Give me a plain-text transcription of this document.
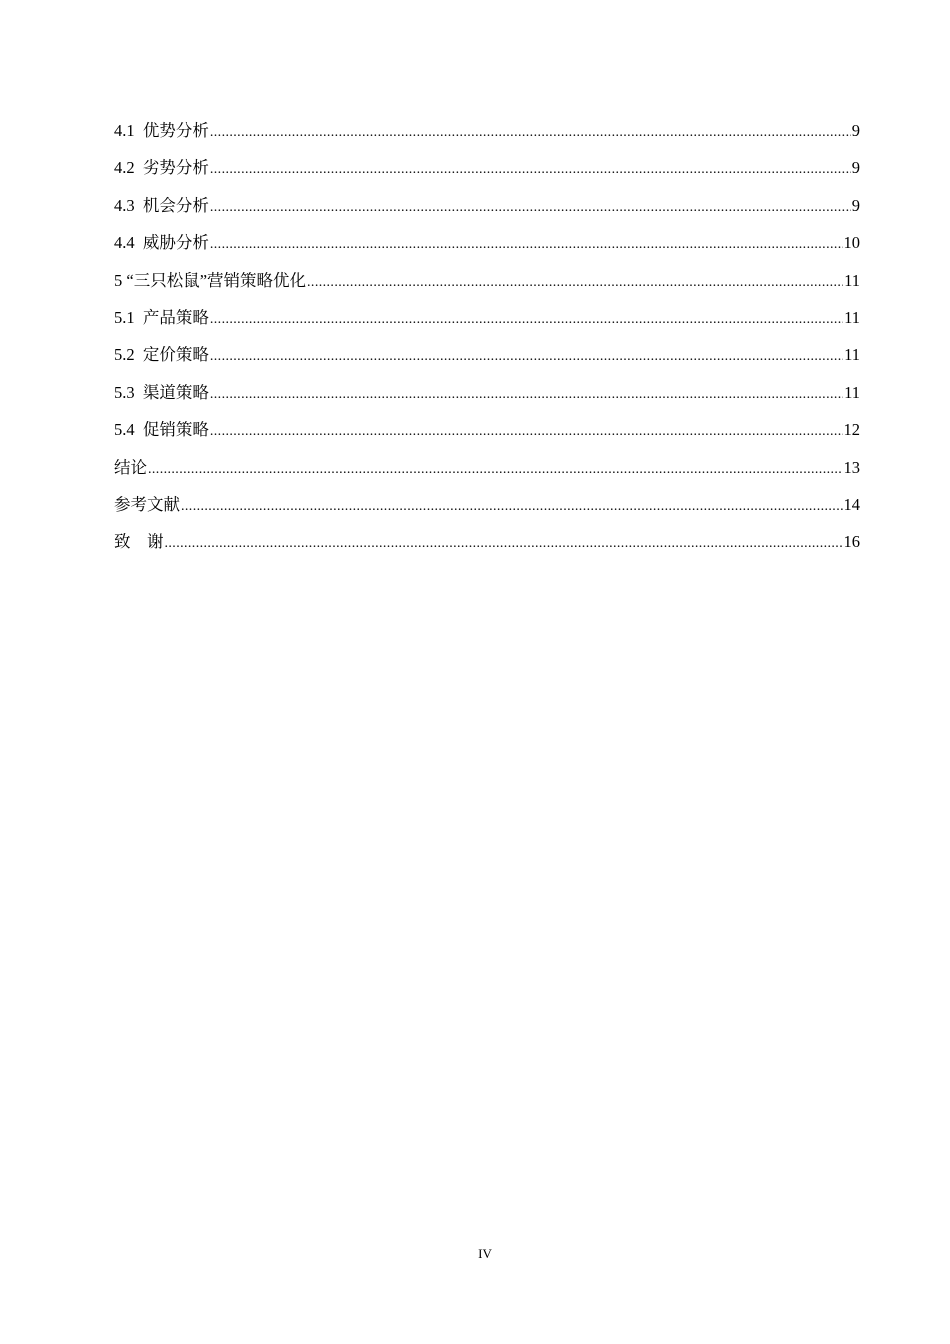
4.1  优势分析 .....	9
4.2  劣势分析 .....	9
4.3  机会分析 .....	9
4.4  威胁分析 .....	10
5 “三只松鼠”营销策略优化 .....	11
5.1  产品策略 .....	11
5.2  定价策略 .....	11
5.3  渠道策略 .....	11
5.4  促销策略 .....	12
结论 .....	13
参考文献 .....	14
致    谢 .....	16
IV
